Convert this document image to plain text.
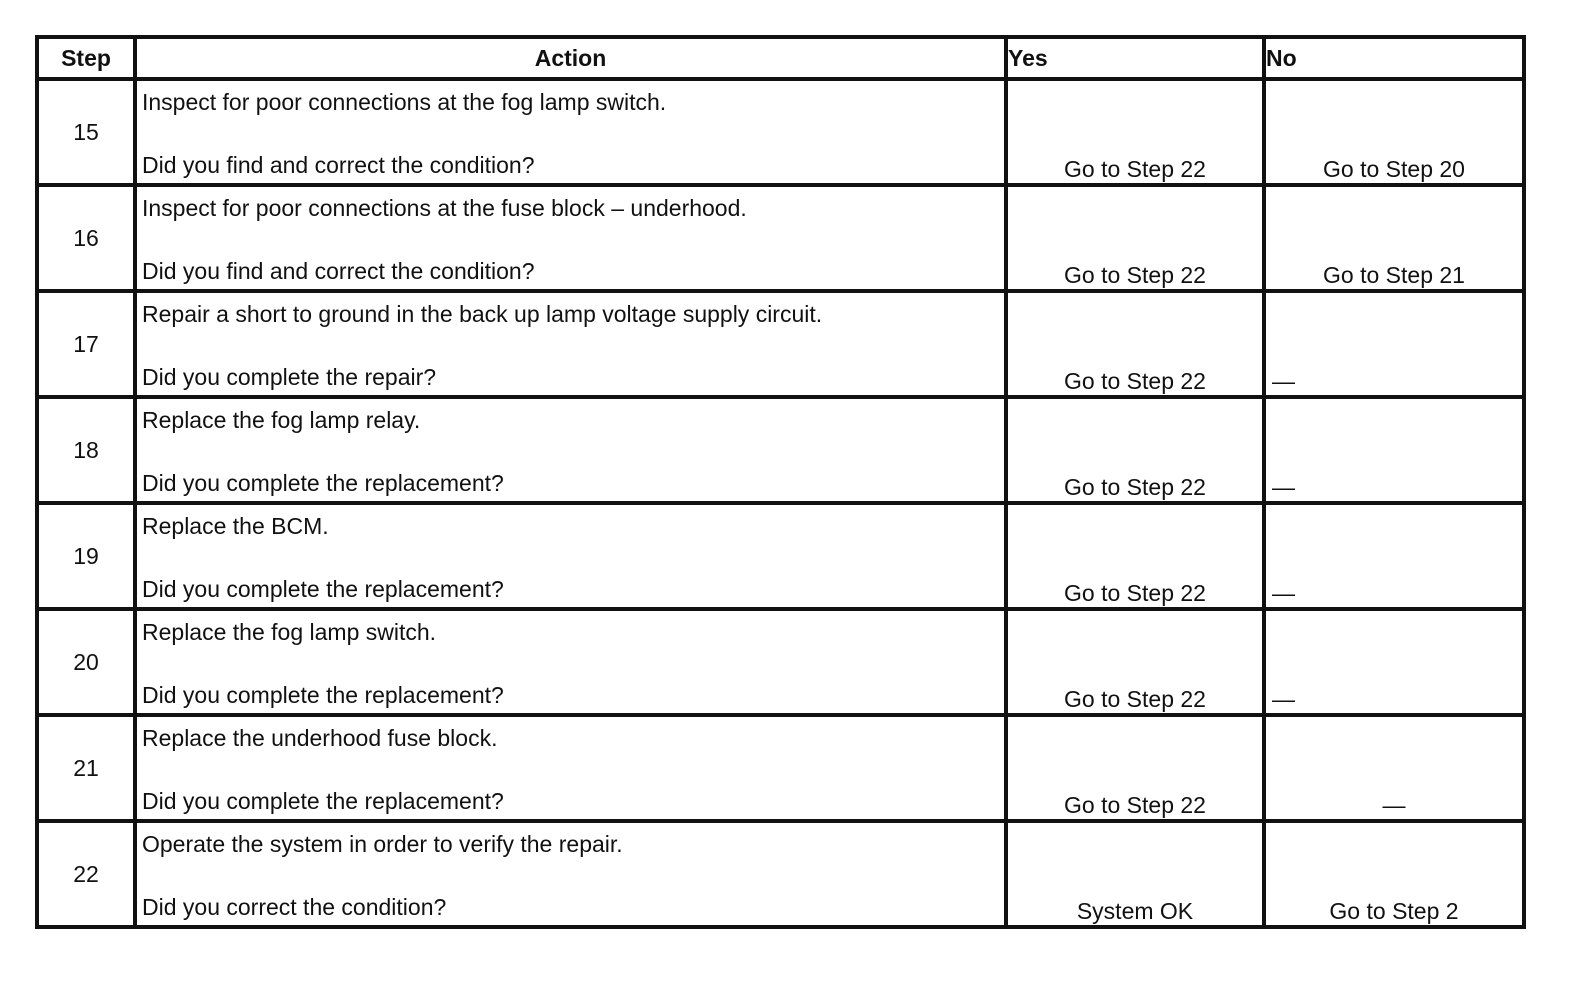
Step	Action	Yes	No
15	Inspect for poor connections at the fog lamp switch.
Did you find and correct the condition?	Go to Step 22	Go to Step 20
16	Inspect for poor connections at the fuse block – underhood.
Did you find and correct the condition?	Go to Step 22	Go to Step 21
17	Repair a short to ground in the back up lamp voltage supply circuit.
Did you complete the repair?	Go to Step 22	—
18	Replace the fog lamp relay.
Did you complete the replacement?	Go to Step 22	—
19	Replace the BCM.
Did you complete the replacement?	Go to Step 22	—
20	Replace the fog lamp switch.
Did you complete the replacement?	Go to Step 22	—
21	Replace the underhood fuse block.
Did you complete the replacement?	Go to Step 22	—
22	Operate the system in order to verify the repair.
Did you correct the condition?	System OK	Go to Step 2
